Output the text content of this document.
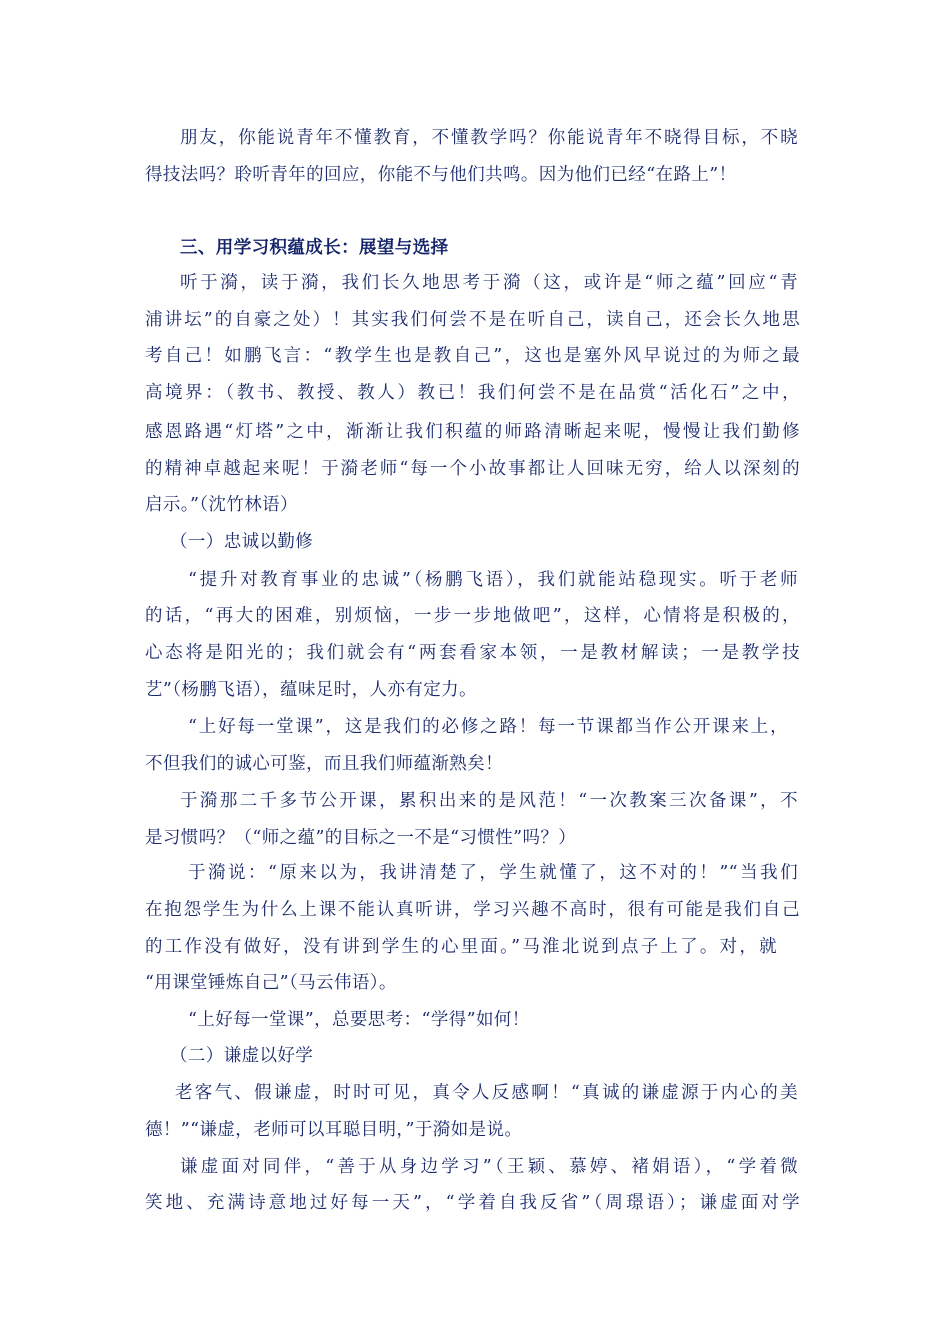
朋友，你能说青年不懂教育，不懂教学吗？你能说青年不晓得目标，不晓
得技法吗？聆听青年的回应，你能不与他们共鸣。因为他们已经“在路上”！
三、用学习积蕴成长：展望与选择
听于漪，读于漪，我们长久地思考于漪（这，或许是“师之蕴”回应“青
浦讲坛”的自豪之处）！其实我们何尝不是在听自己，读自己，还会长久地思
考自己！如鹏飞言：“教学生也是教自己”，这也是塞外风早说过的为师之最
高境界：（教书、教授、教人）教已！我们何尝不是在品赏“活化石”之中，
感恩路遇“灯塔”之中，渐渐让我们积蕴的师路清晰起来呢，慢慢让我们勤修
的精神卓越起来呢！于漪老师“每一个小故事都让人回味无穷，给人以深刻的
启示。”（沈竹林语）
（一）忠诚以勤修
“提升对教育事业的忠诚”（杨鹏飞语），我们就能站稳现实。听于老师
的话，“再大的困难，别烦恼，一步一步地做吧”，这样，心情将是积极的，
心态将是阳光的；我们就会有“两套看家本领，一是教材解读；一是教学技
艺”（杨鹏飞语），蕴味足时，人亦有定力。
“上好每一堂课”，这是我们的必修之路！每一节课都当作公开课来上，
不但我们的诚心可鉴，而且我们师蕴渐熟矣！
于漪那二千多节公开课，累积出来的是风范！“一次教案三次备课”，不
是习惯吗？（“师之蕴”的目标之一不是“习惯性”吗？）
于漪说：“原来以为，我讲清楚了，学生就懂了，这不对的！”“当我们
在抱怨学生为什么上课不能认真听讲，学习兴趣不高时，很有可能是我们自己
的工作没有做好，没有讲到学生的心里面。”马淮北说到点子上了。对，就
“用课堂锤炼自己”（马云伟语）。
“上好每一堂课”，总要思考：“学得”如何！
（二）谦虚以好学
老客气、假谦虚，时时可见，真令人反感啊！“真诚的谦虚源于内心的美
德！”“谦虚，老师可以耳聪目明，”于漪如是说。
谦虚面对同伴，“善于从身边学习”（王颖、慕婷、褚娟语），“学着微
笑地、充满诗意地过好每一天”，“学着自我反省”（周璟语）；谦虚面对学
